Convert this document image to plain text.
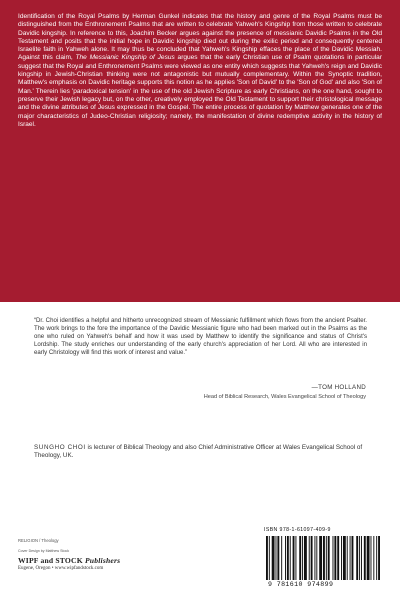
Identification of the Royal Psalms by Herman Gunkel indicates that the history and genre of the Royal Psalms must be distinguished from the Enthronement Psalms that are written to celebrate Yahweh's Kingship from those written to celebrate Davidic kingship. In reference to this, Joachim Becker argues against the presence of messianic Davidic Psalms in the Old Testament and posits that the initial hope in Davidic kingship died out during the exilic period and consequently centered Israelite faith in Yahweh alone. It may thus be concluded that Yahweh's Kingship effaces the place of the Davidic Messiah. Against this claim, The Messianic Kingship of Jesus argues that the early Christian use of Psalm quotations in particular suggest that the Royal and Enthronement Psalms were viewed as one entity which suggests that Yahweh's reign and Davidic kingship in Jewish-Christian thinking were not antagonistic but mutually complementary. Within the Synoptic tradition, Matthew's emphasis on Davidic heritage supports this notion as he applies 'Son of David' to the 'Son of God' and also 'Son of Man.' Therein lies 'paradoxical tension' in the use of the old Jewish Scripture as early Christians, on the one hand, sought to preserve their Jewish legacy but, on the other, creatively employed the Old Testament to support their christological message and the divine attributes of Jesus expressed in the Gospel. The entire process of quotation by Matthew generates one of the major characteristics of Judeo-Christian religiosity; namely, the manifestation of divine redemptive activity in the history of Israel.

“Dr. Choi identifies a helpful and hitherto unrecognized stream of Messianic fulfillment which flows from the ancient Psalter. The work brings to the fore the importance of the Davidic Messianic figure who had been marked out in the Psalms as the one who ruled on Yahweh's behalf and how it was used by Matthew to identify the significance and status of Christ's Lordship. The study enriches our understanding of the early church's appreciation of her Lord. All who are interested in early Christology will find this work of interest and value.”

—TOM HOLLAND
Head of Biblical Research, Wales Evangelical School of Theology

SUNGHO CHOI is lecturer of Biblical Theology and also Chief Administrative Officer at Wales Evangelical School of Theology, UK.

RELIGION / Theology
Cover Design by Matthew Stock
WIPF and STOCK Publishers
Eugene, Oregon • www.wipfandstock.com
ISBN 978-1-61097-409-9
9 781610 974899
